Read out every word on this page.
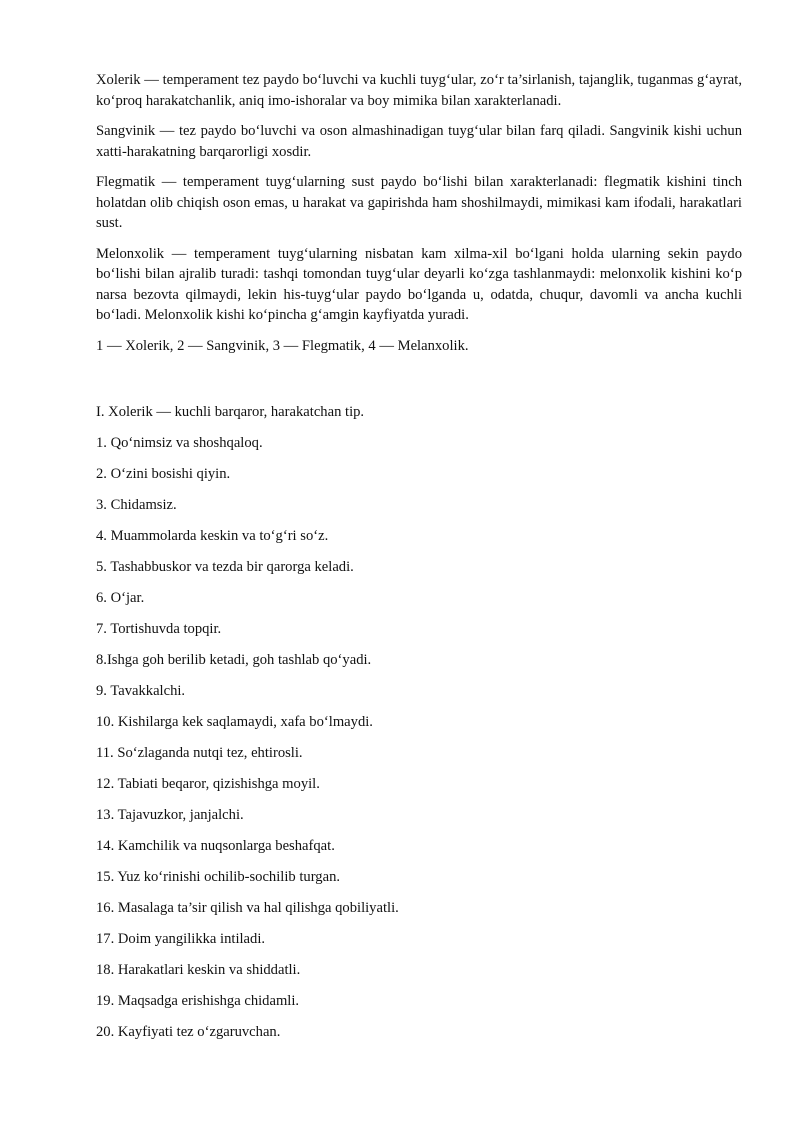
Xolerik — temperament tez paydo bo‘luvchi va kuchli tuyg‘ular, zo‘r ta’sirlanish, tajanglik, tuganmas g‘ayrat, ko‘proq harakatchanlik, aniq imo-ishoralar va boy mimika bilan xarakterlanadi.

Sangvinik — tez paydo bo‘luvchi va oson almashinadigan tuyg‘ular bilan farq qiladi. Sangvinik kishi uchun xatti-harakatning barqarorligi xosdir.

Flegmatik — temperament tuyg‘ularning sust paydo bo‘lishi bilan xarakterlanadi: flegmatik kishini tinch holatdan olib chiqish oson emas, u harakat va gapirishda ham shoshilmaydi, mimikasi kam ifodali, harakatlari sust.

Melonxolik — temperament tuyg‘ularning nisbatan kam xilma-xil bo‘lgani holda ularning sekin paydo bo‘lishi bilan ajralib turadi: tashqi tomondan tuyg‘ular deyarli ko‘zga tashlanmaydi: melonxolik kishini ko‘p narsa bezovta qilmaydi, lekin his-tuyg‘ular paydo bo‘lganda u, odatda, chuqur, davomli va ancha kuchli bo‘ladi. Melonxolik kishi ko‘pincha g‘amgin kayfiyatda yuradi.

1 — Xolerik, 2 — Sangvinik, 3 — Flegmatik, 4 — Melanxolik.

I. Xolerik — kuchli barqaror, harakatchan tip.

1. Qo‘nimsiz va shoshqaloq.

2. O‘zini bosishi qiyin.

3. Chidamsiz.

4. Muammolarda keskin va to‘g‘ri so‘z.

5. Tashabbuskor va tezda bir qarorga keladi.

6. O‘jar.

7. Tortishuvda topqir.

8.Ishga goh berilib ketadi, goh tashlab qo‘yadi.

9. Tavakkalchi.

10. Kishilarga kek saqlamaydi, xafa bo‘lmaydi.

11. So‘zlaganda nutqi tez, ehtirosli.

12. Tabiati beqaror, qizishishga moyil.

13. Tajavuzkor, janjalchi.

14. Kamchilik va nuqsonlarga beshafqat.

15. Yuz ko‘rinishi ochilib-sochilib turgan.

16. Masalaga ta’sir qilish va hal qilishga qobiliyatli.

17. Doim yangilikka intiladi.

18. Harakatlari keskin va shiddatli.

19. Maqsadga erishishga chidamli.

20. Kayfiyati tez o‘zgaruvchan.
